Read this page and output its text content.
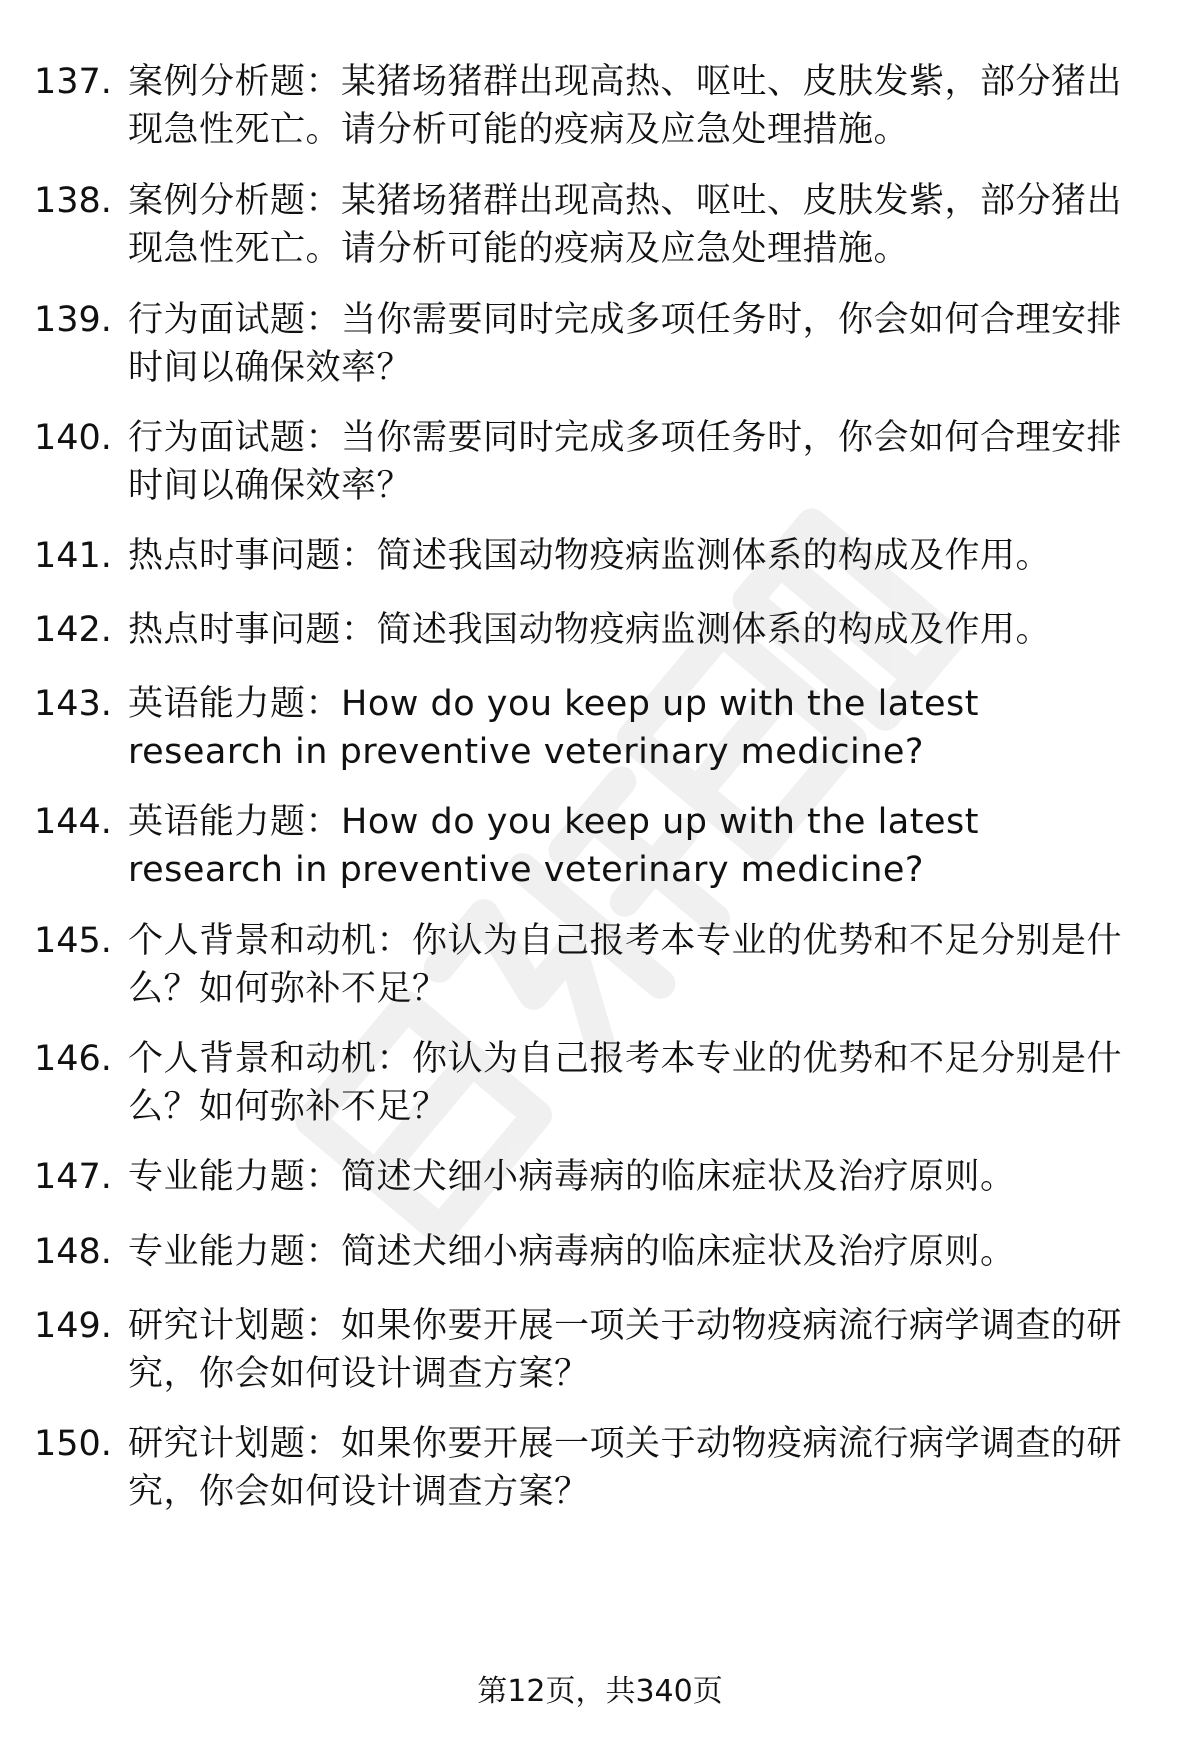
137. 案例分析题：某猪场猪群出现高热、呕吐、皮肤发紫，部分猪出现急性死亡。请分析可能的疫病及应急处理措施。
138. 案例分析题：某猪场猪群出现高热、呕吐、皮肤发紫，部分猪出现急性死亡。请分析可能的疫病及应急处理措施。
139. 行为面试题：当你需要同时完成多项任务时，你会如何合理安排时间以确保效率？
140. 行为面试题：当你需要同时完成多项任务时，你会如何合理安排时间以确保效率？
141. 热点时事问题：简述我国动物疫病监测体系的构成及作用。
142. 热点时事问题：简述我国动物疫病监测体系的构成及作用。
143. 英语能力题：How do you keep up with the latest research in preventive veterinary medicine?
144. 英语能力题：How do you keep up with the latest research in preventive veterinary medicine?
145. 个人背景和动机：你认为自己报考本专业的优势和不足分别是什么？如何弥补不足？
146. 个人背景和动机：你认为自己报考本专业的优势和不足分别是什么？如何弥补不足？
147. 专业能力题：简述犬细小病毒病的临床症状及治疗原则。
148. 专业能力题：简述犬细小病毒病的临床症状及治疗原则。
149. 研究计划题：如果你要开展一项关于动物疫病流行病学调查的研究，你会如何设计调查方案？
150. 研究计划题：如果你要开展一项关于动物疫病流行病学调查的研究，你会如何设计调查方案？
第12页，共340页
